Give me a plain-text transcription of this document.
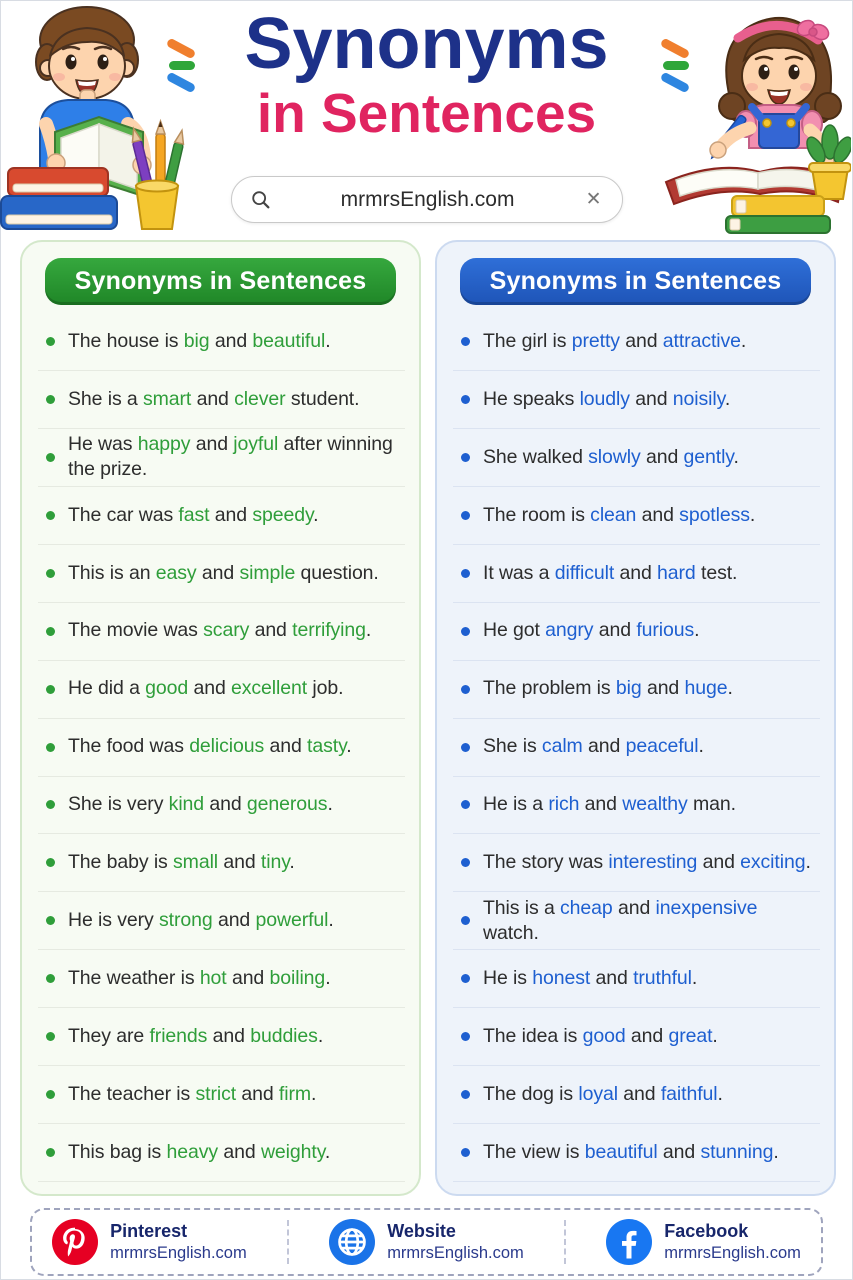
Synonyms
in Sentences
mrmrsEnglish.com	✕
Synonyms in Sentences
The house is big and beautiful.
She is a smart and clever student.
He was happy and joyful after winning the prize.
The car was fast and speedy.
This is an easy and simple question.
The movie was scary and terrifying.
He did a good and excellent job.
The food was delicious and tasty.
She is very kind and generous.
The baby is small and tiny.
He is very strong and powerful.
The weather is hot and boiling.
They are friends and buddies.
The teacher is strict and firm.
This bag is heavy and weighty.
Synonyms in Sentences
The girl is pretty and attractive.
He speaks loudly and noisily.
She walked slowly and gently.
The room is clean and spotless.
It was a difficult and hard test.
He got angry and furious.
The problem is big and huge.
She is calm and peaceful.
He is a rich and wealthy man.
The story was interesting and exciting.
This is a cheap and inexpensive watch.
He is honest and truthful.
The idea is good and great.
The dog is loyal and faithful.
The view is beautiful and stunning.
Pinterest
mrmrsEnglish.com
Website
mrmrsEnglish.com
Facebook
mrmrsEnglish.com
